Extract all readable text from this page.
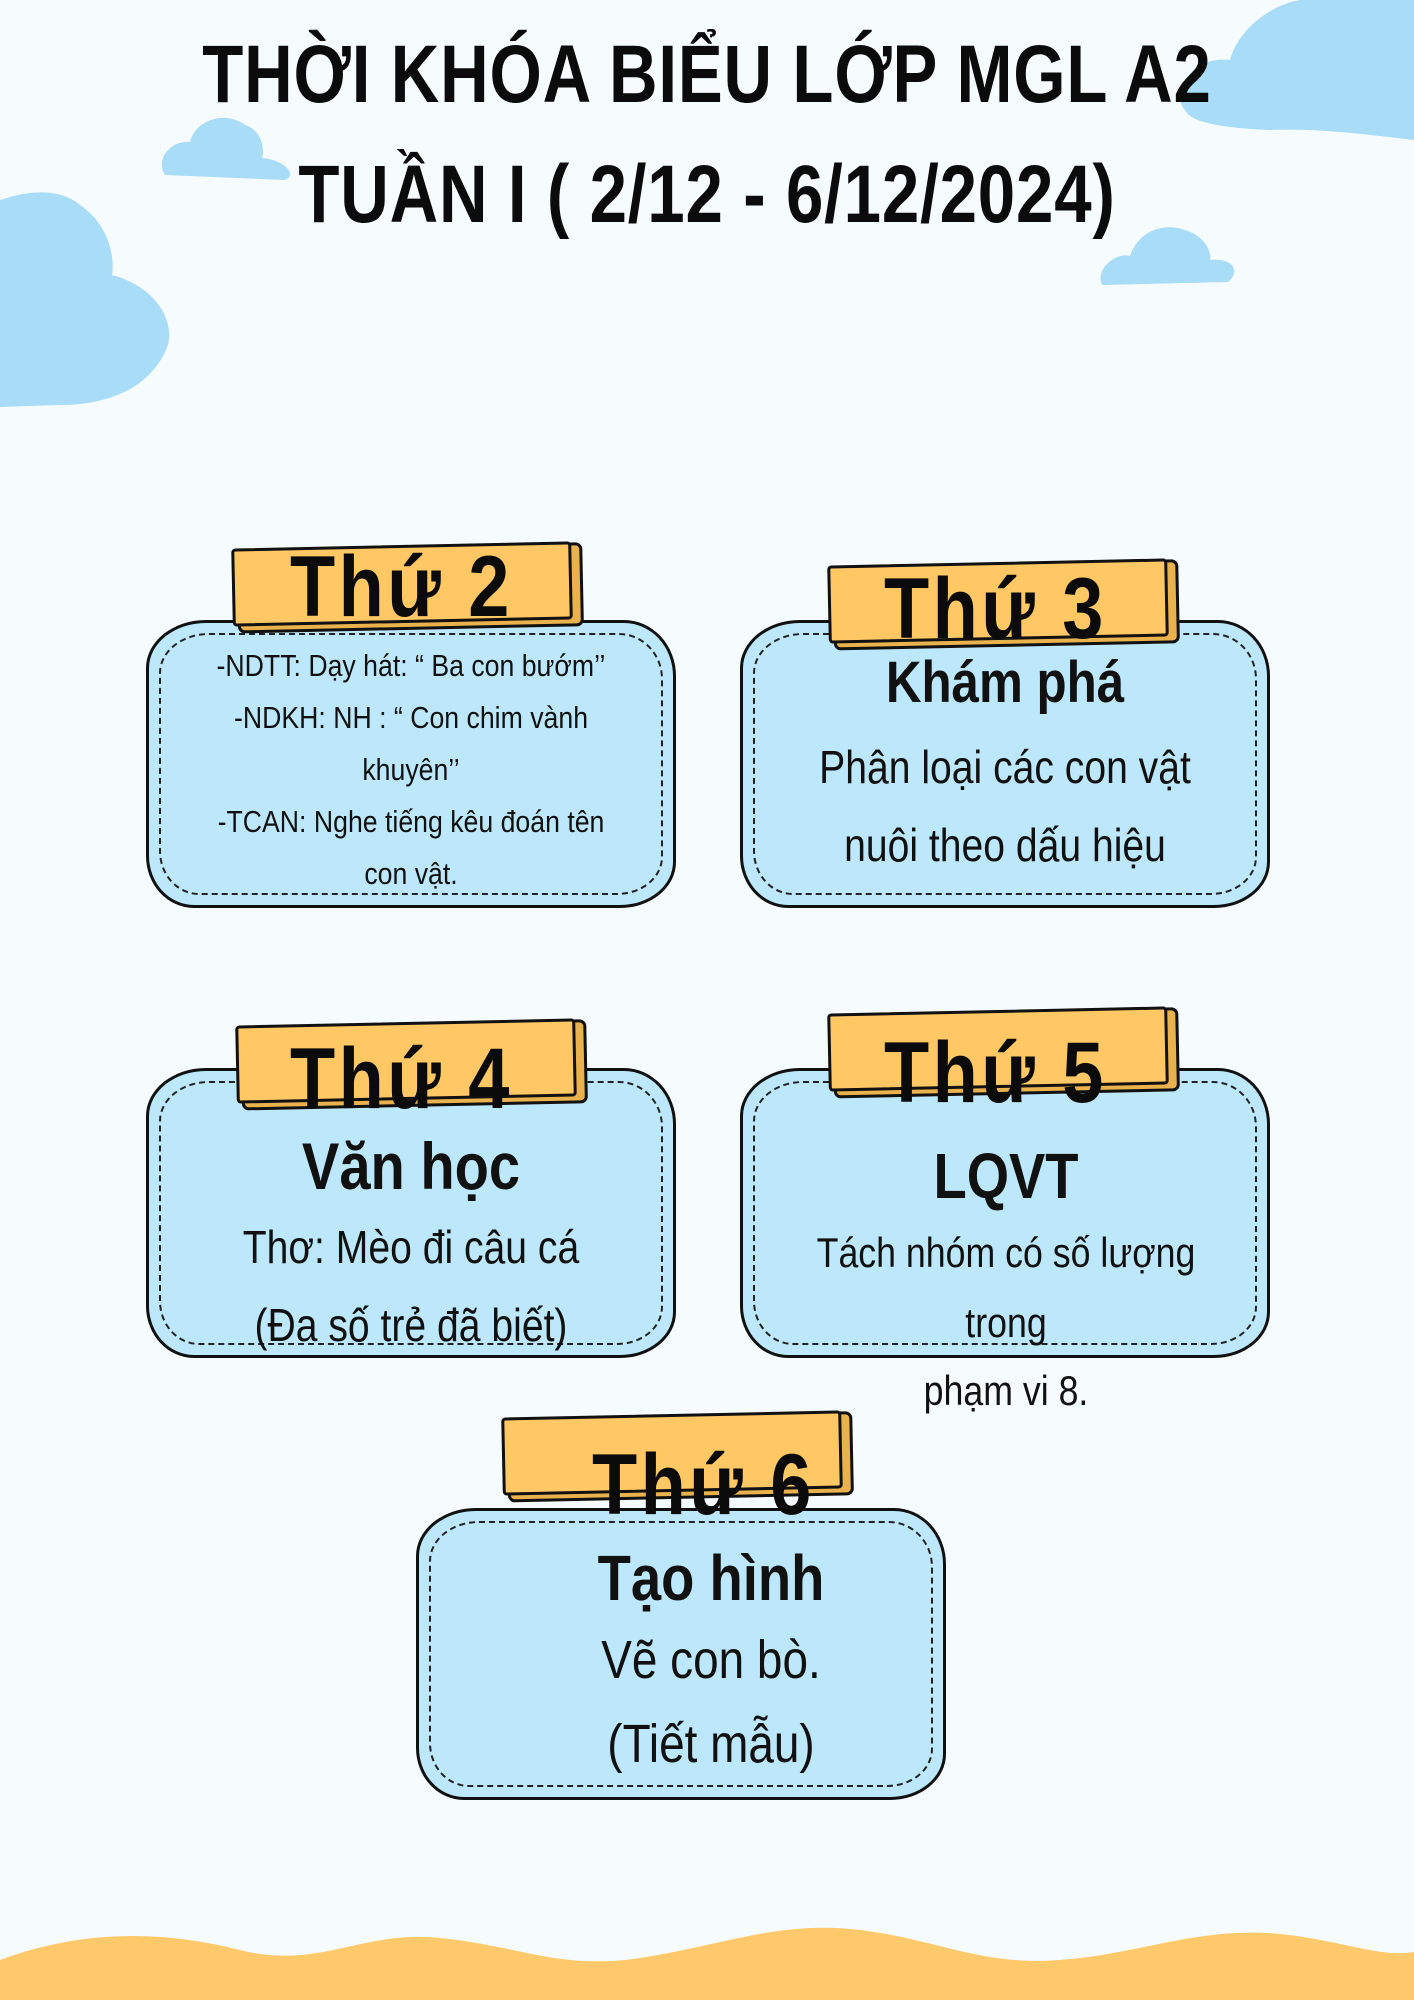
THỜI KHÓA BIỂU LỚP MGL A2
TUẦN I ( 2/12 - 6/12/2024)
Thứ 2
-NDTT: Dạy hát: “ Ba con bướm’’
-NDKH: NH : “ Con chim vành
khuyên’’
-TCAN: Nghe tiếng kêu đoán tên
con vật.
Thứ 3
Khám phá
Phân loại các con vật
nuôi theo dấu hiệu
Thứ 4
Văn học
Thơ: Mèo đi câu cá
(Đa số trẻ đã biết)
Thứ 5
LQVT
Tách nhóm có số lượng trong
phạm vi 8.
Thứ 6
Tạo hình
Vẽ con bò.
(Tiết mẫu)
